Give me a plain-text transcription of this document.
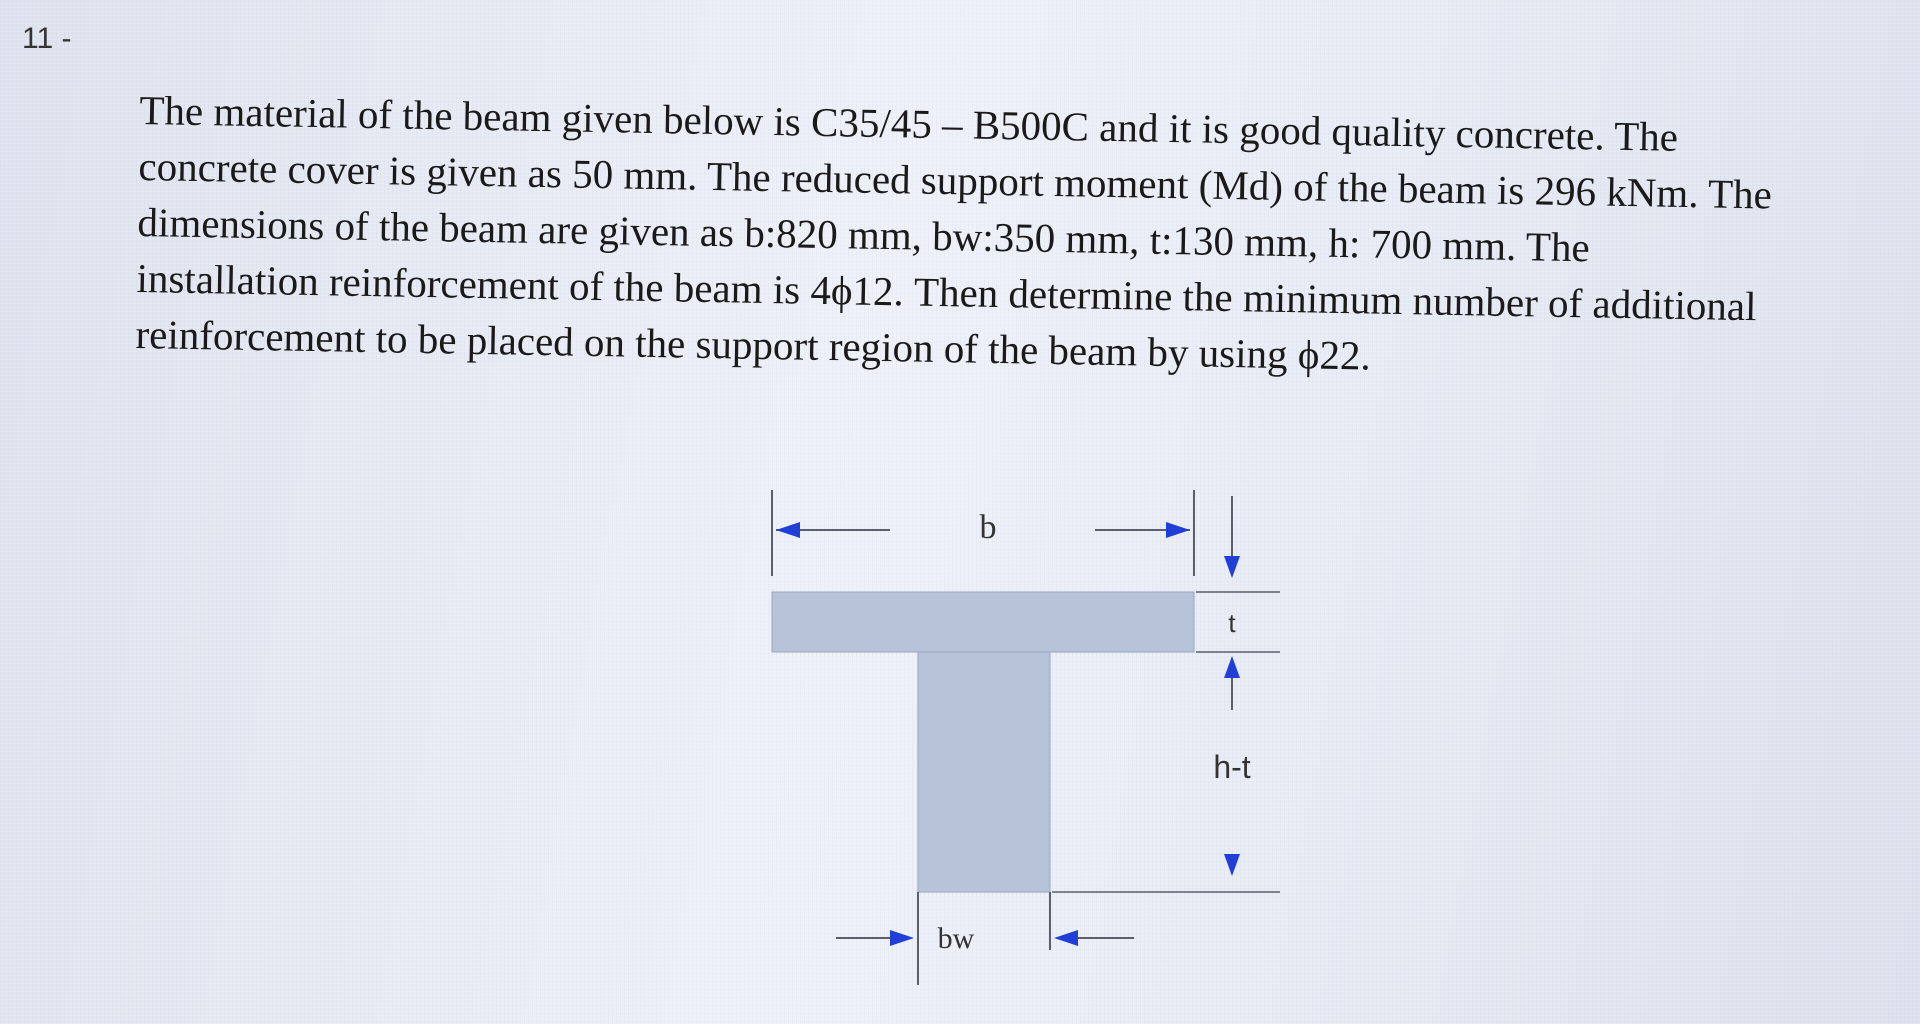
11 -
The material of the beam given below is C35/45 – B500C and it is good quality concrete. The concrete cover is given as 50 mm. The reduced support moment (Md) of the beam is 296 kNm. The dimensions of the beam are given as b:820 mm, bw:350 mm, t:130 mm, h: 700 mm. The installation reinforcement of the beam is 4ϕ12. Then determine the minimum number of additional reinforcement to be placed on the support region of the beam by using ϕ22.
b
t
h-t
bw
